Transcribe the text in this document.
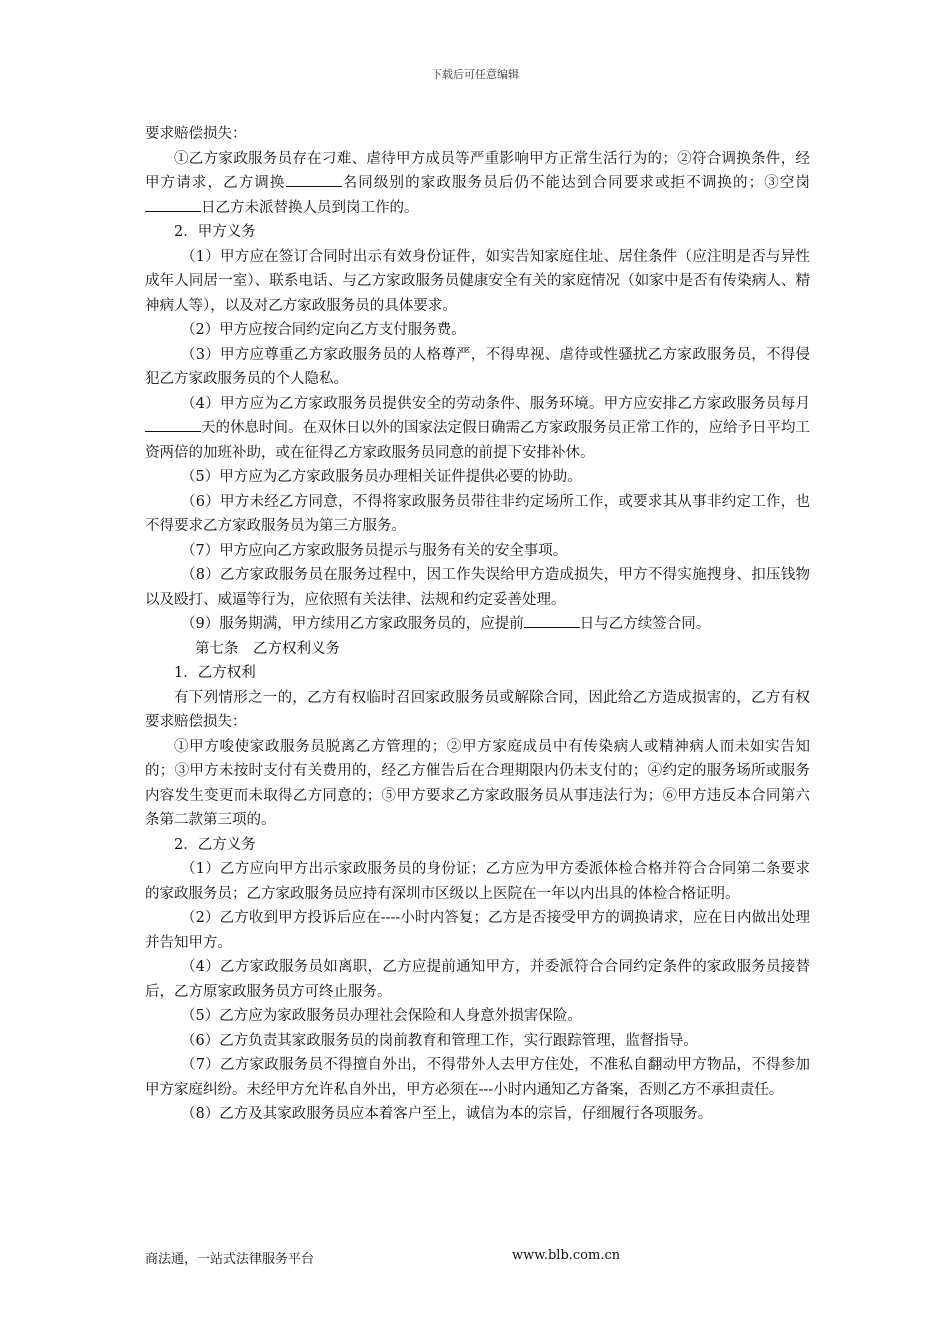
下载后可任意编辑

要求赔偿损失：

①乙方家政服务员存在刁难、虐待甲方成员等严重影响甲方正常生活行为的；②符合调换条件，经甲方请求，乙方调换	名同级别的家政服务员后仍不能达到合同要求或拒不调换的；③空岗日乙方未派替换人员到岗工作的。

2．甲方义务

（1）甲方应在签订合同时出示有效身份证件，如实告知家庭住址、居住条件（应注明是否与异性成年人同居一室）、联系电话、与乙方家政服务员健康安全有关的家庭情况（如家中是否有传染病人、精神病人等），以及对乙方家政服务员的具体要求。

（2）甲方应按合同约定向乙方支付服务费。

（3）甲方应尊重乙方家政服务员的人格尊严，不得卑视、虐待或性骚扰乙方家政服务员，不得侵犯乙方家政服务员的个人隐私。

（4）甲方应为乙方家政服务员提供安全的劳动条件、服务环境。甲方应安排乙方家政服务员每月天的休息时间。在双休日以外的国家法定假日确需乙方家政服务员正常工作的，应给予日平均工资两倍的加班补助，或在征得乙方家政服务员同意的前提下安排补休。

（5）甲方应为乙方家政服务员办理相关证件提供必要的协助。

（6）甲方未经乙方同意，不得将家政服务员带往非约定场所工作，或要求其从事非约定工作，也不得要求乙方家政服务员为第三方服务。

（7）甲方应向乙方家政服务员提示与服务有关的安全事项。

（8）乙方家政服务员在服务过程中，因工作失误给甲方造成损失，甲方不得实施搜身、扣压钱物以及殴打、威逼等行为，应依照有关法律、法规和约定妥善处理。

（9）服务期满，甲方续用乙方家政服务员的，应提前	日与乙方续签合同。

第七条　乙方权利义务

1．乙方权利

有下列情形之一的，乙方有权临时召回家政服务员或解除合同，因此给乙方造成损害的，乙方有权要求赔偿损失：

①甲方唆使家政服务员脱离乙方管理的；②甲方家庭成员中有传染病人或精神病人而未如实告知的；③甲方未按时支付有关费用的，经乙方催告后在合理期限内仍未支付的；④约定的服务场所或服务内容发生变更而未取得乙方同意的；⑤甲方要求乙方家政服务员从事违法行为；⑥甲方违反本合同第六条第二款第三项的。

2．乙方义务

（1）乙方应向甲方出示家政服务员的身份证；乙方应为甲方委派体检合格并符合合同第二条要求的家政服务员；乙方家政服务员应持有深圳市区级以上医院在一年以内出具的体检合格证明。

（2）乙方收到甲方投诉后应在----小时内答复；乙方是否接受甲方的调换请求，应在日内做出处理并告知甲方。

（4）乙方家政服务员如离职，乙方应提前通知甲方，并委派符合合同约定条件的家政服务员接替后，乙方原家政服务员方可终止服务。

（5）乙方应为家政服务员办理社会保险和人身意外损害保险。

（6）乙方负责其家政服务员的岗前教育和管理工作，实行跟踪管理，监督指导。

（7）乙方家政服务员不得擅自外出，不得带外人去甲方住处，不准私自翻动甲方物品，不得参加甲方家庭纠纷。未经甲方允许私自外出，甲方必须在---小时内通知乙方备案，否则乙方不承担责任。

（8）乙方及其家政服务员应本着客户至上，诚信为本的宗旨，仔细履行各项服务。

商法通，一站式法律服务平台	www.blb.com.cn
